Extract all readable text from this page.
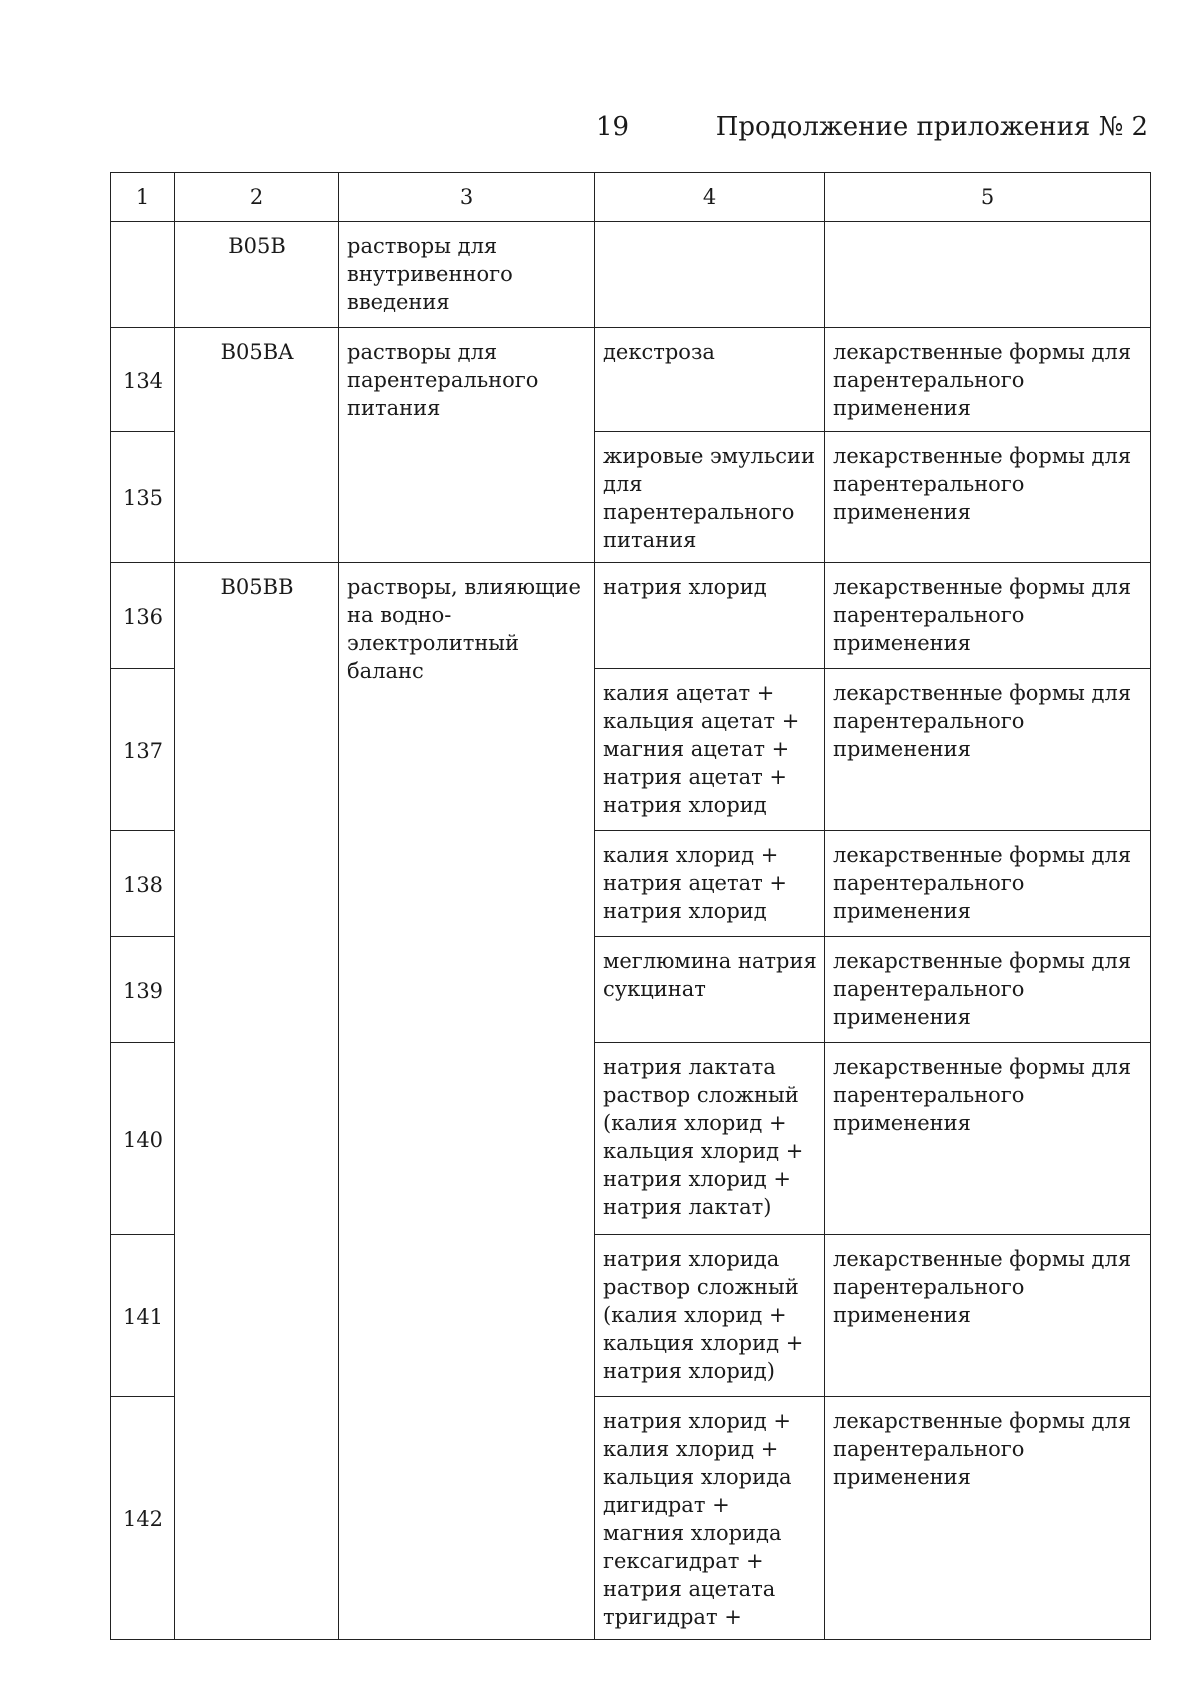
19	Продолжение приложения № 2
1	2	3	4	5
	B05B	растворы для внутривенного введения		
134	B05BA	растворы для парентерального питания	декстроза	лекарственные формы для парентерального применения
135			жировые эмульсии для парентерального питания	лекарственные формы для парентерального применения
136	B05BB	растворы, влияющие на водно-электролитный баланс	натрия хлорид	лекарственные формы для парентерального применения
137			калия ацетат + кальция ацетат + магния ацетат + натрия ацетат + натрия хлорид	лекарственные формы для парентерального применения
138			калия хлорид + натрия ацетат + натрия хлорид	лекарственные формы для парентерального применения
139			меглюмина натрия сукцинат	лекарственные формы для парентерального применения
140			натрия лактата раствор сложный (калия хлорид + кальция хлорид + натрия хлорид + натрия лактат)	лекарственные формы для парентерального применения
141			натрия хлорида раствор сложный (калия хлорид + кальция хлорид + натрия хлорид)	лекарственные формы для парентерального применения
142			натрия хлорид + калия хлорид + кальция хлорида дигидрат + магния хлорида гексагидрат + натрия ацетата тригидрат +	лекарственные формы для парентерального применения
